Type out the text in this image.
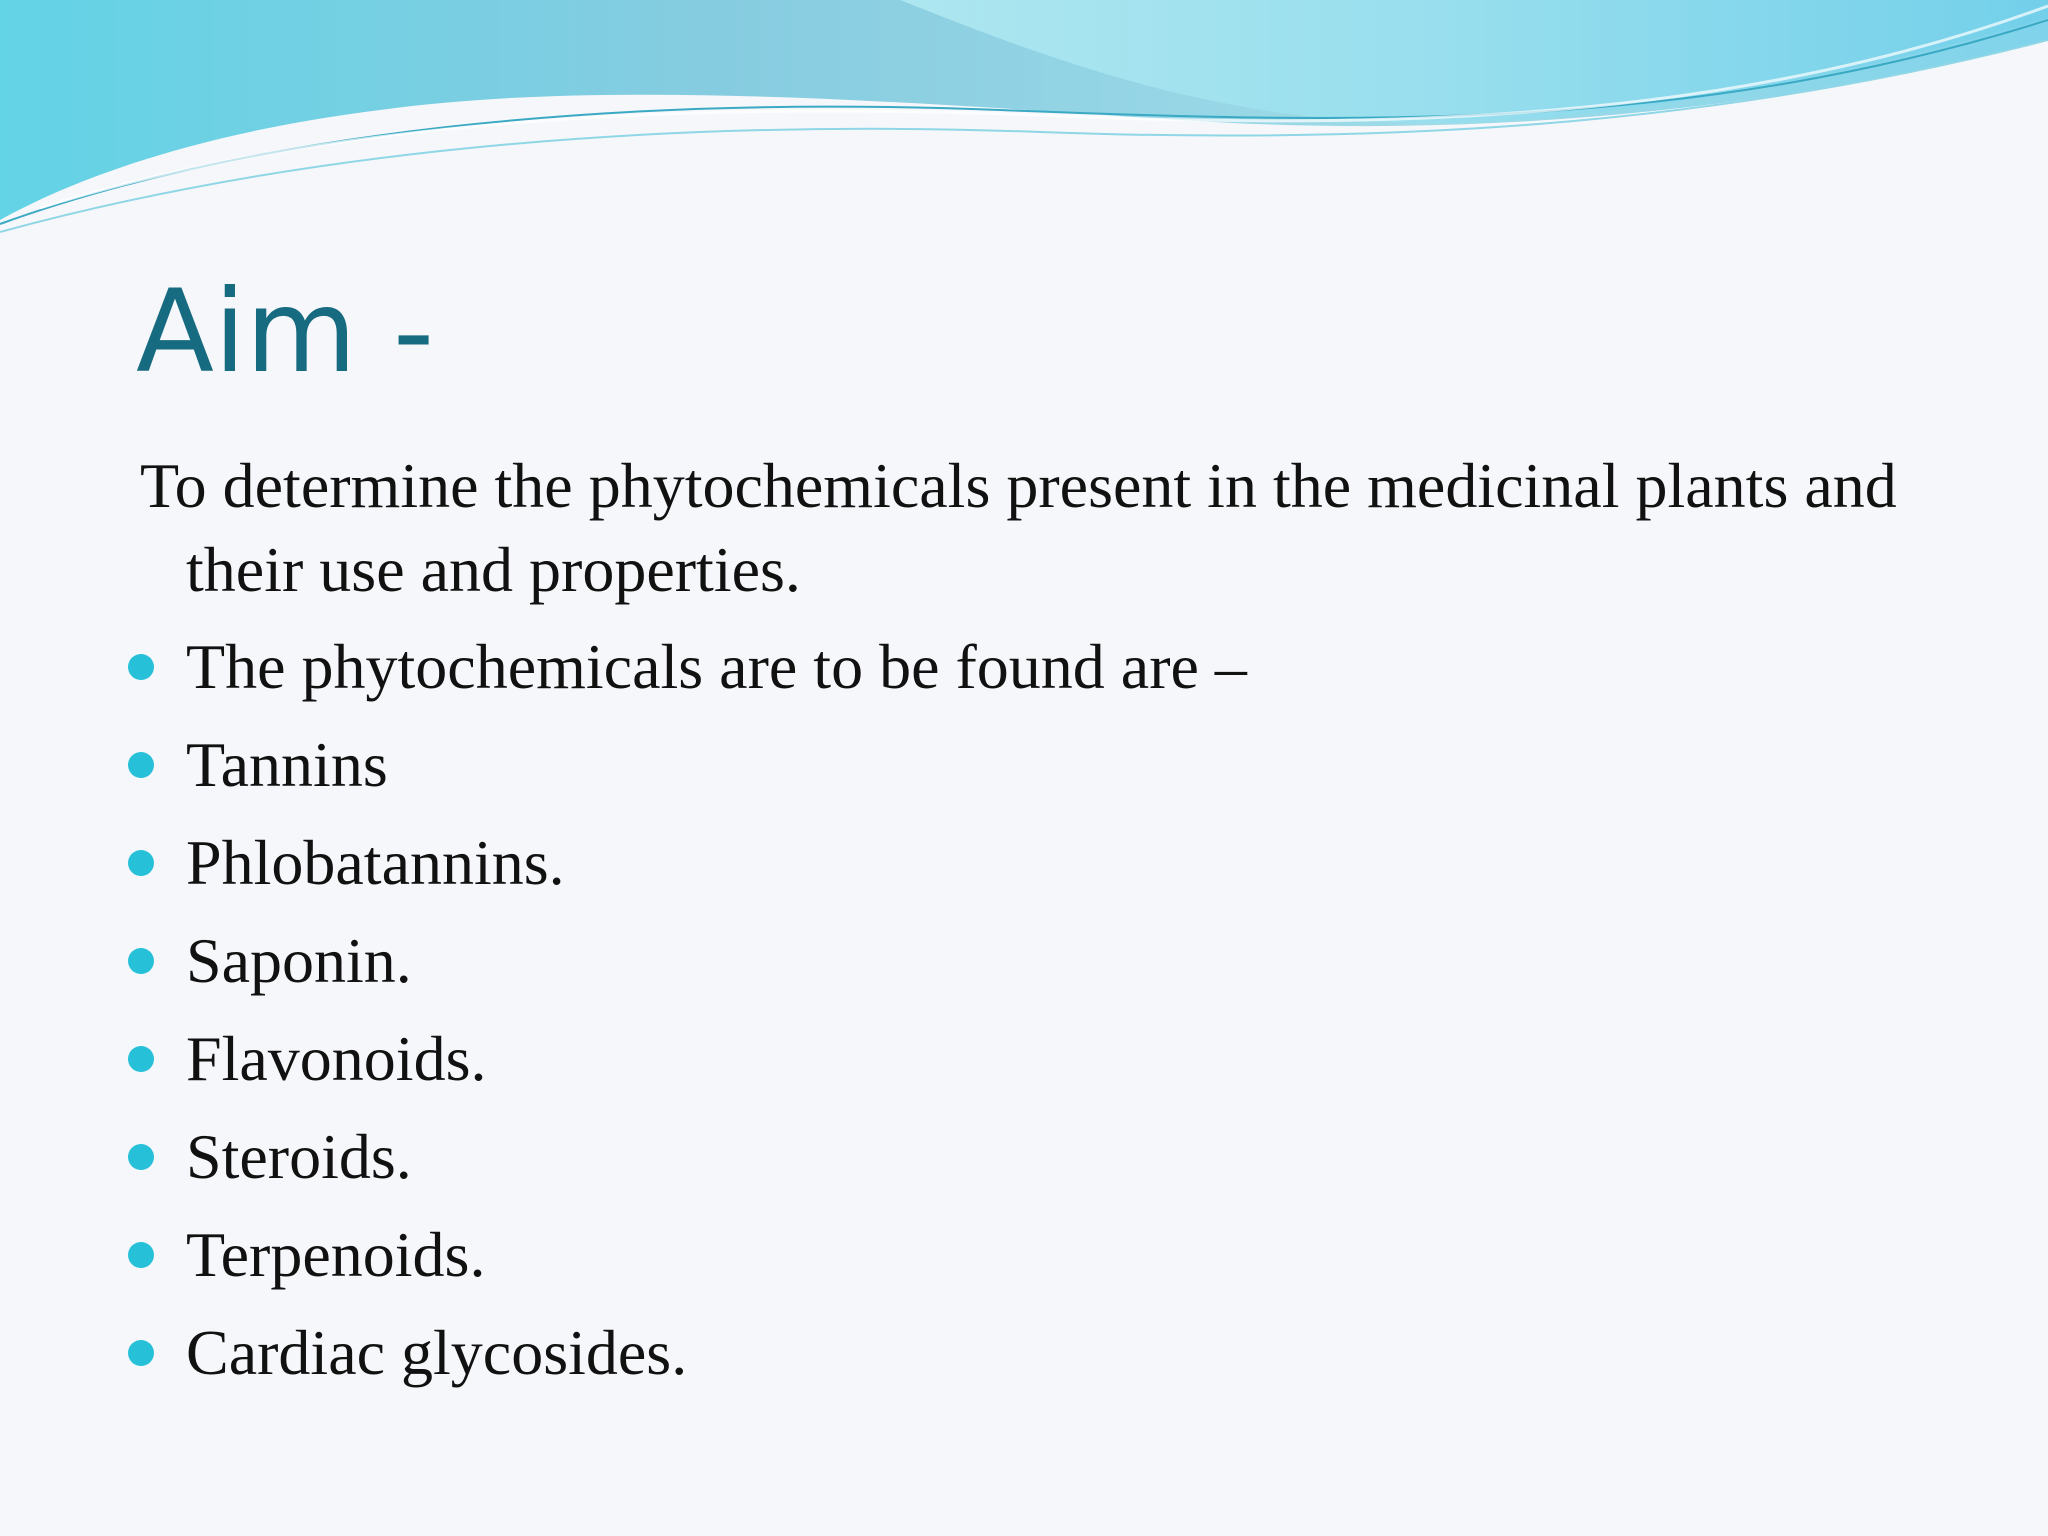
Aim -

To determine the phytochemicals present in the medicinal plants and their use and properties.

The phytochemicals are to be found are –
Tannins
Phlobatannins.
Saponin.
Flavonoids.
Steroids.
Terpenoids.
Cardiac glycosides.
